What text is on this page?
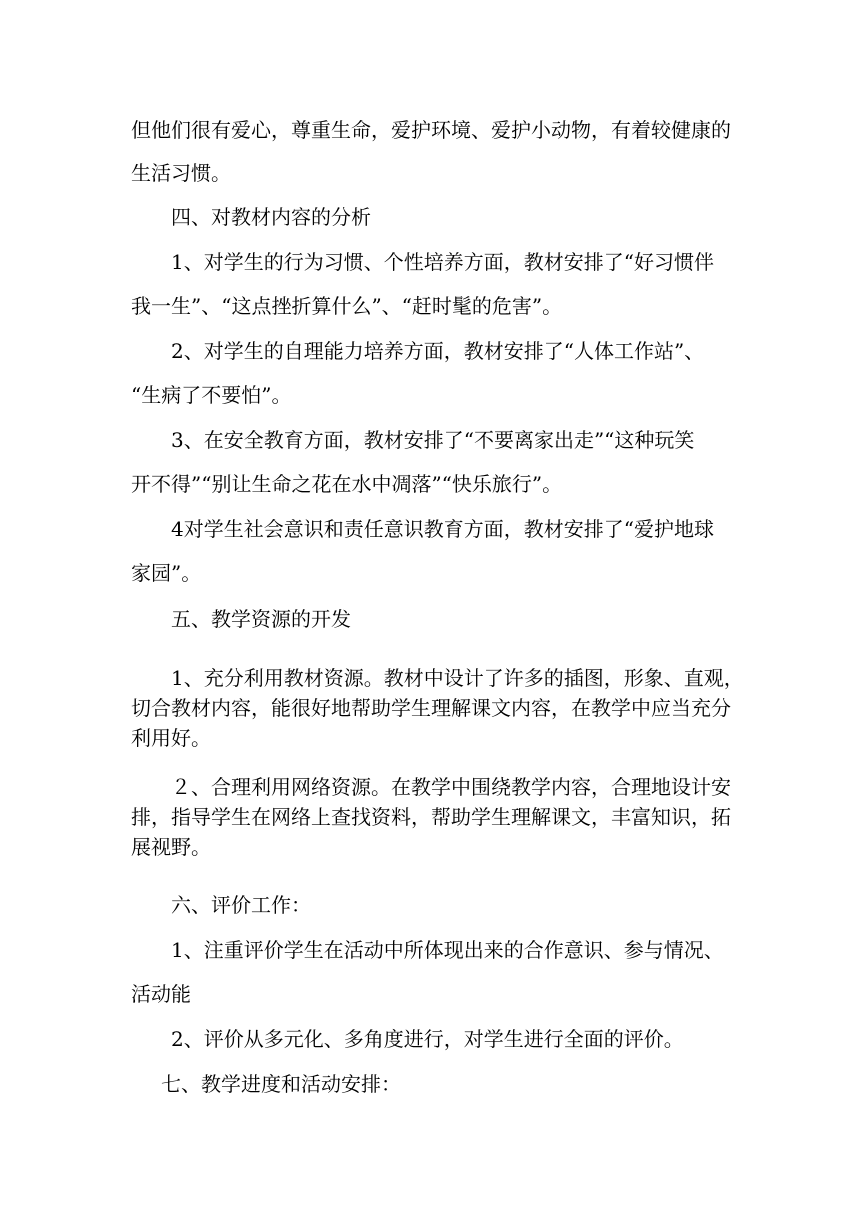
但他们很有爱心，尊重生命，爱护环境、爱护小动物，有着较健康的
生活习惯。
四、对教材内容的分析
1、对学生的行为习惯、个性培养方面，教材安排了“好习惯伴
我一生”、“这点挫折算什么”、“赶时髦的危害”。
2、对学生的自理能力培养方面，教材安排了“人体工作站”、
“生病了不要怕”。
3、在安全教育方面，教材安排了“不要离家出走”“这种玩笑
开不得”“别让生命之花在水中凋落”“快乐旅行”。
4对学生社会意识和责任意识教育方面，教材安排了“爱护地球
家园”。
五、教学资源的开发
1、充分利用教材资源。教材中设计了许多的插图，形象、直观，
切合教材内容，能很好地帮助学生理解课文内容，在教学中应当充分
利用好。
２、合理利用网络资源。在教学中围绕教学内容，合理地设计安
排，指导学生在网络上查找资料，帮助学生理解课文，丰富知识，拓
展视野。
六、评价工作：
1、注重评价学生在活动中所体现出来的合作意识、参与情况、
活动能
2、评价从多元化、多角度进行，对学生进行全面的评价。
七、教学进度和活动安排：
